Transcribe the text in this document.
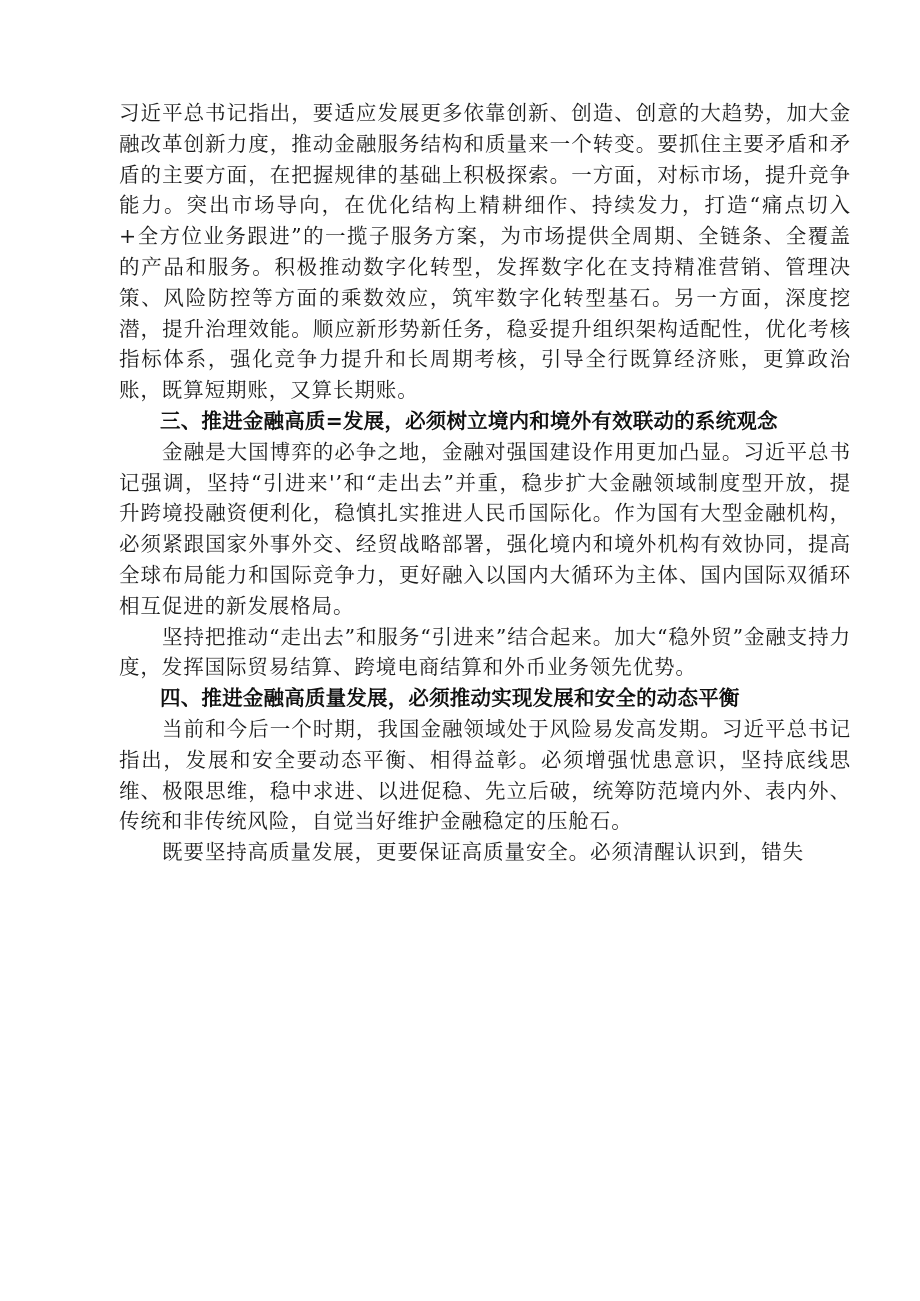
习近平总书记指出，要适应发展更多依靠创新、创造、创意的大趋势，加大金融改革创新力度，推动金融服务结构和质量来一个转变。要抓住主要矛盾和矛盾的主要方面，在把握规律的基础上积极探索。一方面，对标市场，提升竞争能力。突出市场导向，在优化结构上精耕细作、持续发力，打造“痛点切入+全方位业务跟进”的一揽子服务方案，为市场提供全周期、全链条、全覆盖的产品和服务。积极推动数字化转型，发挥数字化在支持精准营销、管理决策、风险防控等方面的乘数效应，筑牢数字化转型基石。另一方面，深度挖潜，提升治理效能。顺应新形势新任务，稳妥提升组织架构适配性，优化考核指标体系，强化竞争力提升和长周期考核，引导全行既算经济账，更算政治账，既算短期账，又算长期账。

三、推进金融高质=发展，必须树立境内和境外有效联动的系统观念

金融是大国博弈的必争之地，金融对强国建设作用更加凸显。习近平总书记强调，坚持“引进来'’和“走出去”并重，稳步扩大金融领域制度型开放，提升跨境投融资便利化，稳慎扎实推进人民币国际化。作为国有大型金融机构，必须紧跟国家外事外交、经贸战略部署，强化境内和境外机构有效协同，提高全球布局能力和国际竞争力，更好融入以国内大循环为主体、国内国际双循环相互促进的新发展格局。

坚持把推动“走出去”和服务“引进来”结合起来。加大“稳外贸”金融支持力度，发挥国际贸易结算、跨境电商结算和外币业务领先优势。

四、推进金融高质量发展，必须推动实现发展和安全的动态平衡

当前和今后一个时期，我国金融领域处于风险易发高发期。习近平总书记指出，发展和安全要动态平衡、相得益彰。必须增强忧患意识，坚持底线思维、极限思维，稳中求进、以进促稳、先立后破，统筹防范境内外、表内外、传统和非传统风险，自觉当好维护金融稳定的压舱石。

既要坚持高质量发展，更要保证高质量安全。必须清醒认识到，错失
